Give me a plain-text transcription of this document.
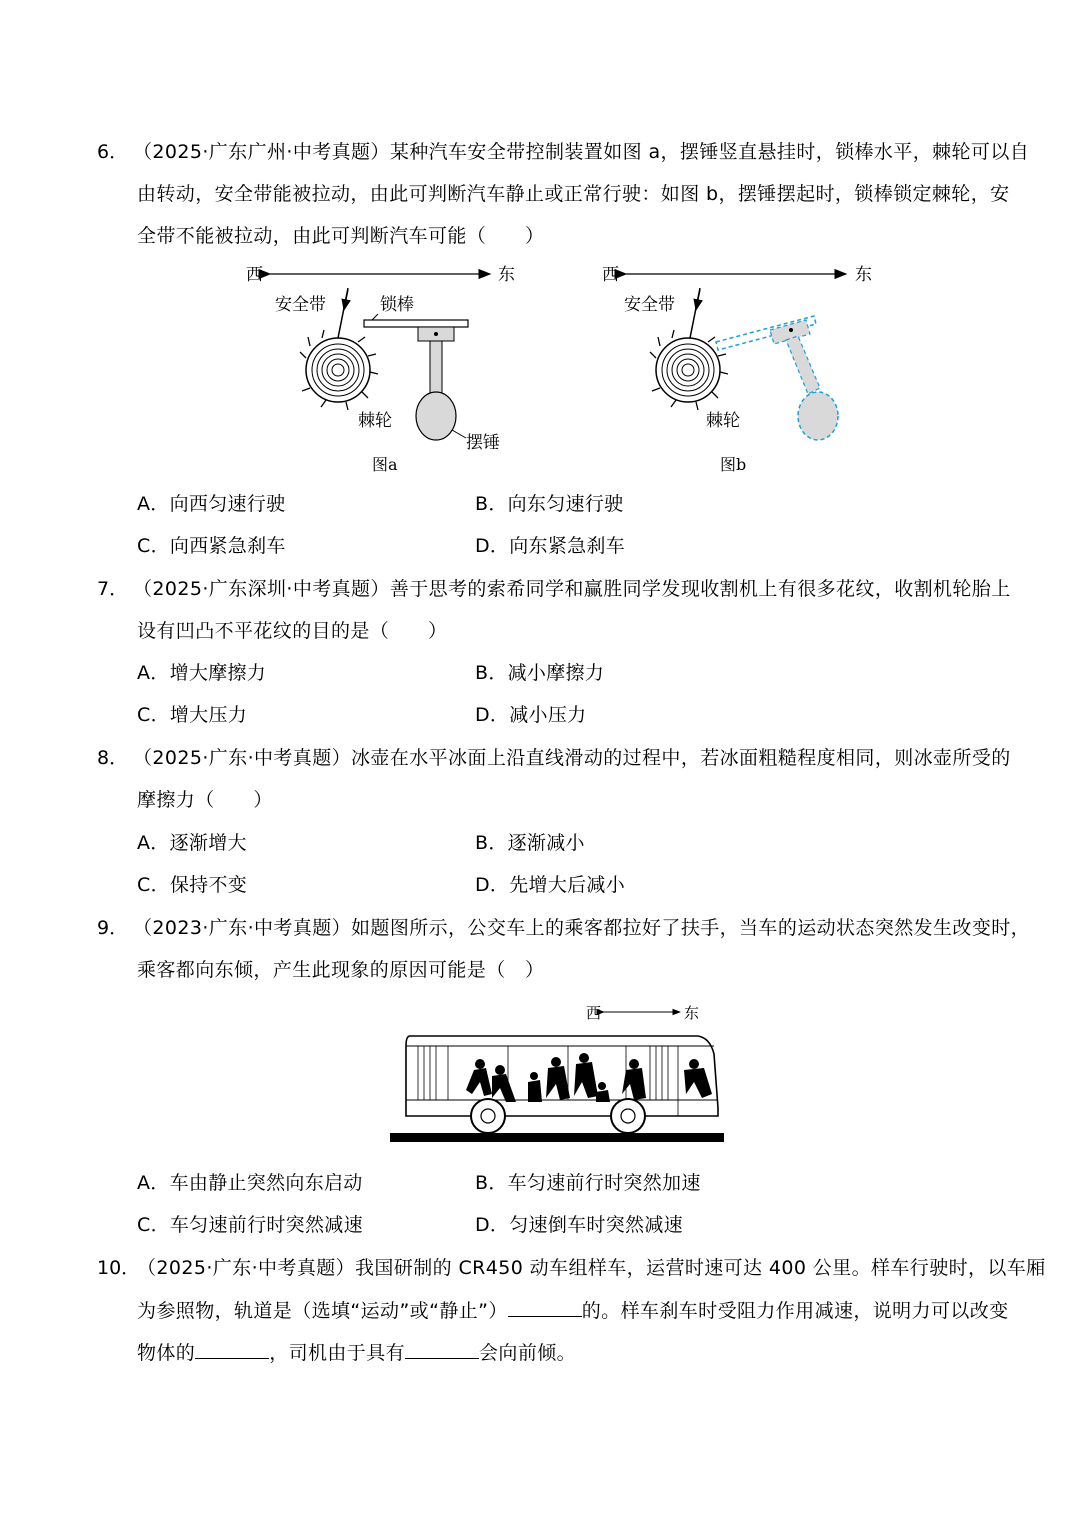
6． （2025·广东广州·中考真题）某种汽车安全带控制装置如图 a，摆锤竖直悬挂时，锁棒水平，棘轮可以自
由转动，安全带能被拉动，由此可判断汽车静止或正常行驶：如图 b，摆锤摆起时，锁棒锁定棘轮，安
全带不能被拉动，由此可判断汽车可能（　　）
西	东
安全带	锁棒
棘轮
摆锤
图a
西	东
安全带
棘轮
图b
A．向西匀速行驶	B．向东匀速行驶
C．向西紧急刹车	D．向东紧急刹车
7． （2025·广东深圳·中考真题）善于思考的索希同学和赢胜同学发现收割机上有很多花纹，收割机轮胎上
设有凹凸不平花纹的目的是（　　）
A．增大摩擦力	B．减小摩擦力
C．增大压力	D．减小压力
8． （2025·广东·中考真题）冰壶在水平冰面上沿直线滑动的过程中，若冰面粗糙程度相同，则冰壶所受的
摩擦力（　　）
A．逐渐增大	B．逐渐减小
C．保持不变	D．先增大后减小
9． （2023·广东·中考真题）如题图所示，公交车上的乘客都拉好了扶手，当车的运动状态突然发生改变时，
乘客都向东倾，产生此现象的原因可能是（　）
西	东
A．车由静止突然向东启动	B．车匀速前行时突然加速
C．车匀速前行时突然减速	D．匀速倒车时突然减速
10．
（2025·广东·中考真题）我国研制的 CR450 动车组样车，运营时速可达 400 公里。样车行驶时，以车厢
为参照物，轨道是（选填“运动”或“静止”）	的。样车刹车时受阻力作用减速，说明力可以改变
物体的	，司机由于具有	会向前倾。
